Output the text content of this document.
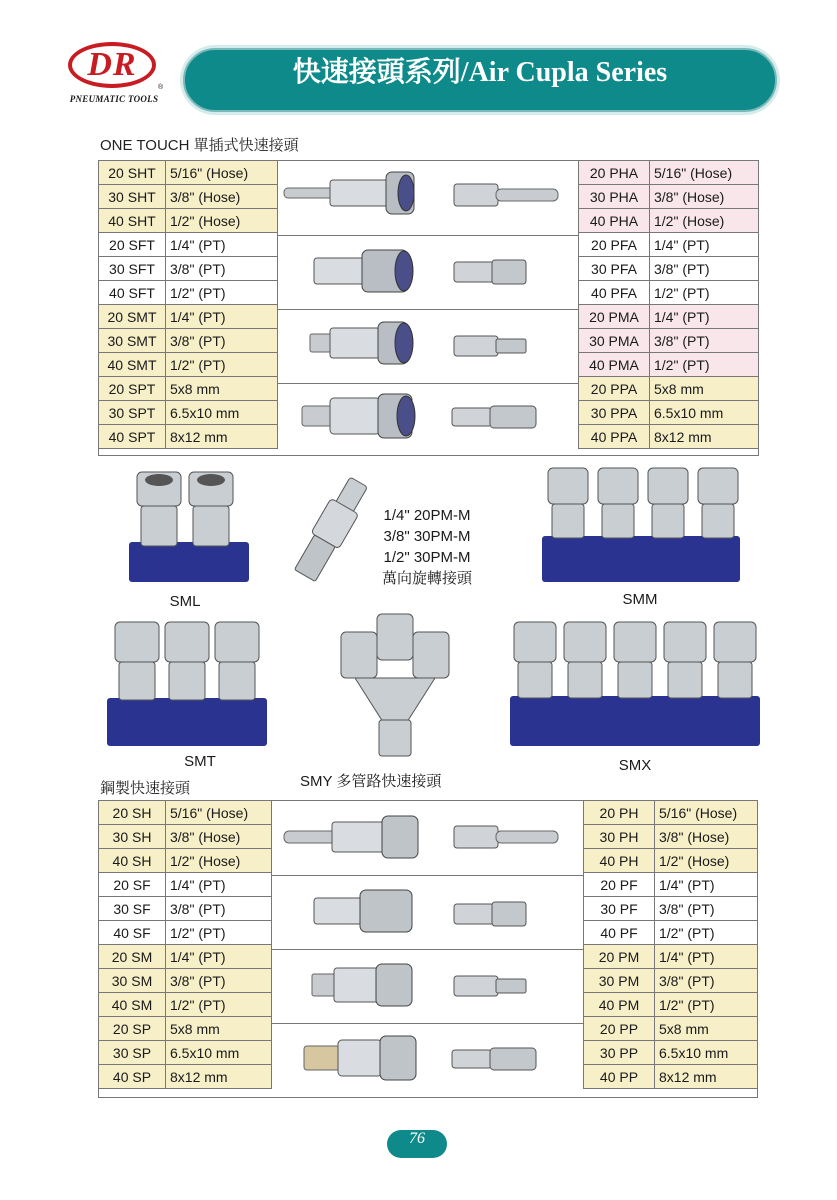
DR
®
PNEUMATIC TOOLS
快速接頭系列/Air Cupla Series
ONE TOUCH 單插式快速接頭
20 SHT	5/16" (Hose)
30 SHT	3/8" (Hose)
40 SHT	1/2" (Hose)
20 SFT	1/4" (PT)
30 SFT	3/8" (PT)
40 SFT	1/2" (PT)
20 SMT	1/4" (PT)
30 SMT	3/8" (PT)
40 SMT	1/2" (PT)
20 SPT	5x8 mm
30 SPT	6.5x10 mm
40 SPT	8x12 mm
20 PHA	5/16" (Hose)
30 PHA	3/8" (Hose)
40 PHA	1/2" (Hose)
20 PFA	1/4" (PT)
30 PFA	3/8" (PT)
40 PFA	1/2" (PT)
20 PMA	1/4" (PT)
30 PMA	3/8" (PT)
40 PMA	1/2" (PT)
20 PPA	5x8 mm
30 PPA	6.5x10 mm
40 PPA	8x12 mm
SML
1/4" 20PM-M
3/8" 30PM-M
1/2" 30PM-M
萬向旋轉接頭
SMM
SMT
SMY 多管路快速接頭
SMX
鋼製快速接頭
20 SH	5/16" (Hose)
30 SH	3/8" (Hose)
40 SH	1/2" (Hose)
20 SF	1/4" (PT)
30 SF	3/8" (PT)
40 SF	1/2" (PT)
20 SM	1/4" (PT)
30 SM	3/8" (PT)
40 SM	1/2" (PT)
20 SP	5x8 mm
30 SP	6.5x10 mm
40 SP	8x12 mm
20 PH	5/16" (Hose)
30 PH	3/8" (Hose)
40 PH	1/2" (Hose)
20 PF	1/4" (PT)
30 PF	3/8" (PT)
40 PF	1/2" (PT)
20 PM	1/4" (PT)
30 PM	3/8" (PT)
40 PM	1/2" (PT)
20 PP	5x8 mm
30 PP	6.5x10 mm
40 PP	8x12 mm
76
